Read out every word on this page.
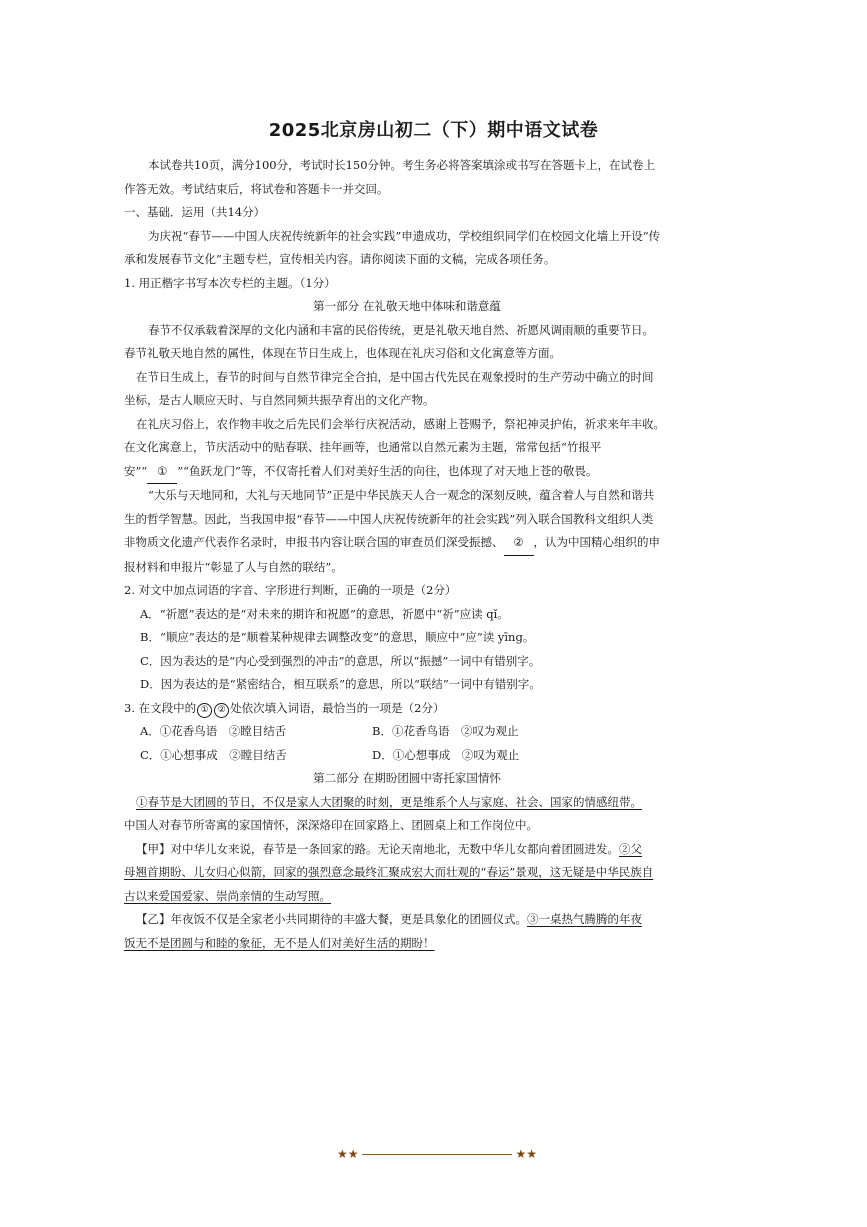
2025北京房山初二（下）期中语文试卷

本试卷共10页，满分100分，考试时长150分钟。考生务必将答案填涂或书写在答题卡上，在试卷上

作答无效。考试结束后，将试卷和答题卡一并交回。

一、基础．运用（共14分）

为庆祝“春节——中国人庆祝传统新年的社会实践”申遗成功，学校组织同学们在校园文化墙上开设“传

承和发展春节文化”主题专栏，宣传相关内容。请你阅读下面的文稿，完成各项任务。

1. 用正楷字书写本次专栏的主题。（1分）

第一部分 在礼敬天地中体味和谐意蕴

春节不仅承载着深厚的文化内涵和丰富的民俗传统，更是礼敬天地自然、祈愿风调雨顺的重要节日。

春节礼敬天地自然的属性，体现在节日生成上，也体现在礼庆习俗和文化寓意等方面。

在节日生成上，春节的时间与自然节律完全合拍，是中国古代先民在观象授时的生产劳动中确立的时间

坐标，是古人顺应天时、与自然同频共振孕育出的文化产物。

在礼庆习俗上，农作物丰收之后先民们会举行庆祝活动，感谢上苍赐予，祭祀神灵护佑，祈求来年丰收。

在文化寓意上，节庆活动中的贴春联、挂年画等，也通常以自然元素为主题，常常包括“竹报平

安”“ ① ”“鱼跃龙门”等，不仅寄托着人们对美好生活的向往，也体现了对天地上苍的敬畏。

“大乐与天地同和，大礼与天地同节”正是中华民族天人合一观念的深刻反映，蕴含着人与自然和谐共

生的哲学智慧。因此，当我国申报“春节——中国人庆祝传统新年的社会实践”列入联合国教科文组织人类

非物质文化遗产代表作名录时，申报书内容让联合国的审查员们深受振撼、 ② ，认为中国精心组织的申

报材料和申报片“彰显了人与自然的联结”。

2. 对文中加点词语的字音、字形进行判断，正确的一项是（2分）

A．“祈愿”表达的是“对未来的期许和祝愿”的意思，祈愿中“祈”应读 qǐ。

B．“顺应”表达的是“顺着某种规律去调整改变”的意思，顺应中“应”读 yīng。

C．因为表达的是“内心受到强烈的冲击”的意思，所以“振撼”一词中有错别字。

D．因为表达的是“紧密结合，相互联系”的意思，所以“联结”一词中有错别字。

3. 在文段中的 ① ② 处依次填入词语，最恰当的一项是（2分）

A．①花香鸟语　②瞠目结舌	B．①花香鸟语　②叹为观止
C．①心想事成　②瞠目结舌	D．①心想事成　②叹为观止

第二部分 在期盼团圆中寄托家国情怀

①春节是大团圆的节日，不仅是家人大团聚的时刻，更是维系个人与家庭、社会、国家的情感纽带。

中国人对春节所寄寓的家国情怀，深深烙印在回家路上、团圆桌上和工作岗位中。

【甲】对中华儿女来说，春节是一条回家的路。无论天南地北，无数中华儿女都向着团圆进发。②父

母翘首期盼、儿女归心似箭，回家的强烈意念最终汇聚成宏大而壮观的“春运”景观，这无疑是中华民族自

古以来爱国爱家、崇尚亲情的生动写照。

【乙】年夜饭不仅是全家老小共同期待的丰盛大餐，更是具象化的团圆仪式。③一桌热气腾腾的年夜

饭无不是团圆与和睦的象征，无不是人们对美好生活的期盼！

★★	★★
